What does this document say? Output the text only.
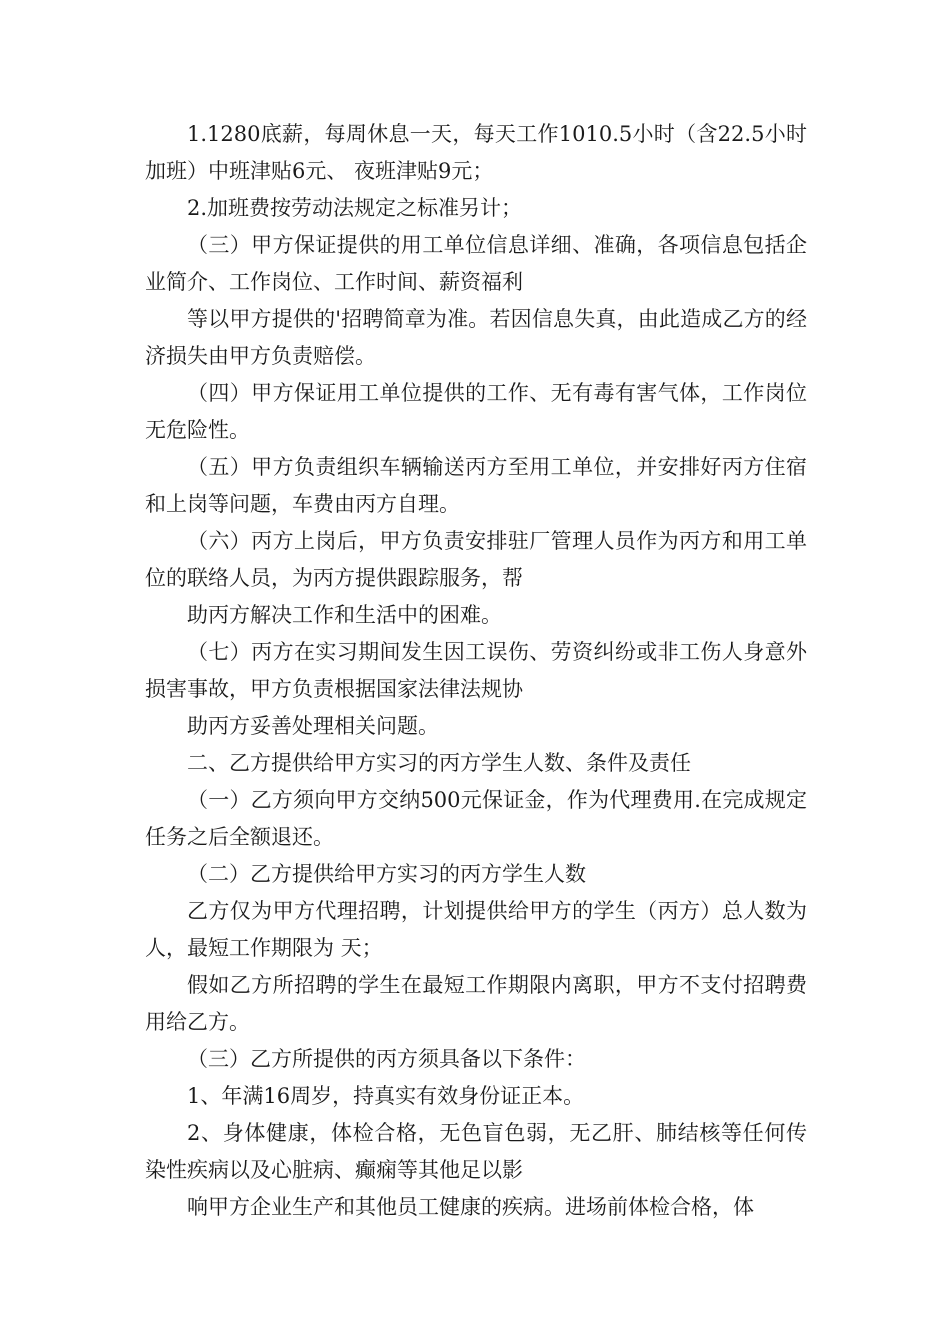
1.1280底薪，每周休息一天，每天工作1010.5小时（含22.5小时加班）中班津贴6元、 夜班津贴9元；

2.加班费按劳动法规定之标准另计；

（三）甲方保证提供的用工单位信息详细、准确，各项信息包括企业简介、工作岗位、工作时间、薪资福利

等以甲方提供的'招聘简章为准。若因信息失真，由此造成乙方的经济损失由甲方负责赔偿。

（四）甲方保证用工单位提供的工作、无有毒有害气体，工作岗位无危险性。

（五）甲方负责组织车辆输送丙方至用工单位，并安排好丙方住宿和上岗等问题，车费由丙方自理。

（六）丙方上岗后，甲方负责安排驻厂管理人员作为丙方和用工单位的联络人员，为丙方提供跟踪服务，帮

助丙方解决工作和生活中的困难。

（七）丙方在实习期间发生因工误伤、劳资纠纷或非工伤人身意外损害事故，甲方负责根据国家法律法规协

助丙方妥善处理相关问题。

二、乙方提供给甲方实习的丙方学生人数、条件及责任

（一）乙方须向甲方交纳500元保证金，作为代理费用.在完成规定任务之后全额退还。

（二）乙方提供给甲方实习的丙方学生人数

乙方仅为甲方代理招聘，计划提供给甲方的学生（丙方）总人数为 人，最短工作期限为 天；

假如乙方所招聘的学生在最短工作期限内离职，甲方不支付招聘费用给乙方。

（三）乙方所提供的丙方须具备以下条件：

1、年满16周岁，持真实有效身份证正本。

2、身体健康，体检合格，无色盲色弱，无乙肝、肺结核等任何传染性疾病以及心脏病、癫痫等其他足以影

响甲方企业生产和其他员工健康的疾病。进场前体检合格，体
